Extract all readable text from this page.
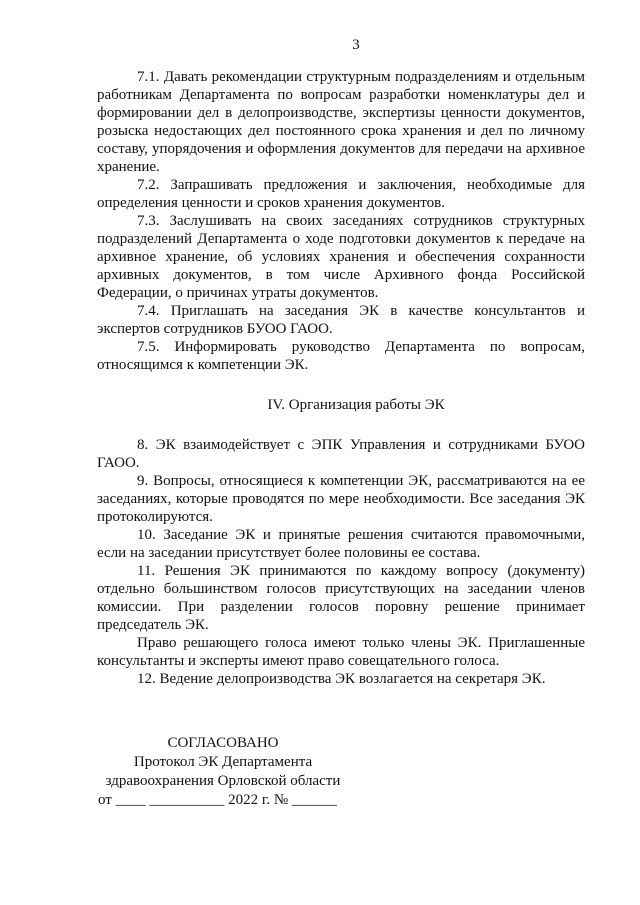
3

7.1. Давать рекомендации структурным подразделениям и отдельным работникам Департамента по вопросам разработки номенклатуры дел и формировании дел в делопроизводстве, экспертизы ценности документов, розыска недостающих дел постоянного срока хранения и дел по личному составу, упорядочения и оформления документов для передачи на архивное хранение.

7.2. Запрашивать предложения и заключения, необходимые для определения ценности и сроков хранения документов.

7.3. Заслушивать на своих заседаниях сотрудников структурных подразделений Департамента о ходе подготовки документов к передаче на архивное хранение, об условиях хранения и обеспечения сохранности архивных документов, в том числе Архивного фонда Российской Федерации, о причинах утраты документов.

7.4. Приглашать на заседания ЭК в качестве консультантов и экспертов сотрудников БУОО ГАОО.

7.5. Информировать руководство Департамента по вопросам, относящимся к компетенции ЭК.

IV. Организация работы ЭК

8. ЭК взаимодействует с ЭПК Управления и сотрудниками БУОО ГАОО.

9. Вопросы, относящиеся к компетенции ЭК, рассматриваются на ее заседаниях, которые проводятся по мере необходимости. Все заседания ЭК протоколируются.

10. Заседание ЭК и принятые решения считаются правомочными, если на заседании присутствует более половины ее состава.

11. Решения ЭК принимаются по каждому вопросу (документу) отдельно большинством голосов присутствующих на заседании членов комиссии. При разделении голосов поровну решение принимает председатель ЭК.

Право решающего голоса имеют только члены ЭК. Приглашенные консультанты и эксперты имеют право совещательного голоса.

12. Ведение делопроизводства ЭК возлагается на секретаря ЭК.

СОГЛАСОВАНО
Протокол ЭК Департамента
здравоохранения Орловской области
от ____ __________ 2022 г. № ______
